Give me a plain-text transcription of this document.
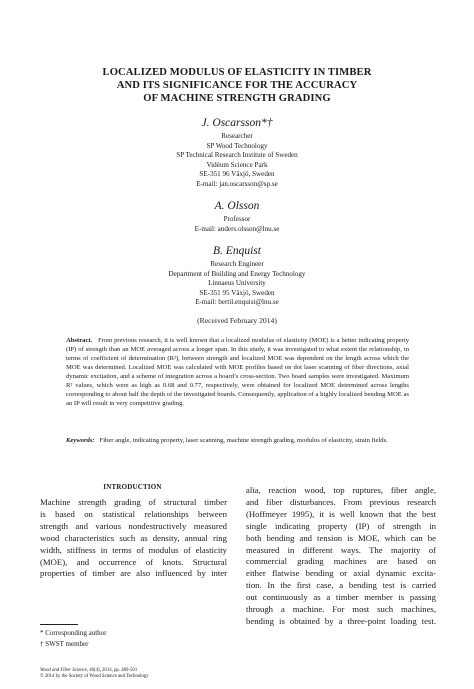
LOCALIZED MODULUS OF ELASTICITY IN TIMBER
AND ITS SIGNIFICANCE FOR THE ACCURACY
OF MACHINE STRENGTH GRADING
J. Oscarsson*†
Researcher
SP Wood Technology
SP Technical Research Institute of Sweden
Vidéum Science Park
SE-351 96 Växjö, Sweden
E-mail: jan.oscarsson@sp.se
A. Olsson
Professor
E-mail: anders.olsson@lnu.se
B. Enquist
Research Engineer
Department of Building and Energy Technology
Linnaeus University
SE-351 95 Växjö, Sweden
E-mail: bertil.enquist@lnu.se
(Received February 2014)
Abstract. From previous research, it is well known that a localized modulus of elasticity (MOE) is a better indicating property (IP) of strength than an MOE averaged across a longer span. In this study, it was investigated to what extent the relationship, in terms of coefficient of determination (R²), between strength and localized MOE was dependent on the length across which the MOE was determined. Localized MOE was calculated with MOE profiles based on dot laser scanning of fiber directions, axial dynamic excitation, and a scheme of integration across a board’s cross-section. Two board samples were investigated. Maximum R² values, which were as high as 0.68 and 0.77, respectively, were obtained for localized MOE determined across lengths corresponding to about half the depth of the investigated boards. Consequently, application of a highly localized bending MOE as an IP will result in very competitive grading.
Keywords: Fiber angle, indicating property, laser scanning, machine strength grading, modulus of elasticity, strain fields.
INTRODUCTION
Machine strength grading of structural timber
is based on statistical relationships between
strength and various nondestructively measured
wood characteristics such as density, annual ring
width, stiffness in terms of modulus of elasticity
(MOE), and occurrence of knots. Structural
properties of timber are also influenced by inter
alia, reaction wood, top ruptures, fiber angle,
and fiber disturbances. From previous research
(Hoffmeyer 1995), it is well known that the best
single indicating property (IP) of strength in
both bending and tension is MOE, which can be
measured in different ways. The majority of
commercial grading machines are based on
either flatwise bending or axial dynamic excita-
tion. In the first case, a bending test is carried
out continuously as a timber member is passing
through a machine. For most such machines,
bending is obtained by a three-point loading test.
* Corresponding author
† SWST member
Wood and Fiber Science, 46(4), 2014, pp. 489-501
© 2014 by the Society of Wood Science and Technology
